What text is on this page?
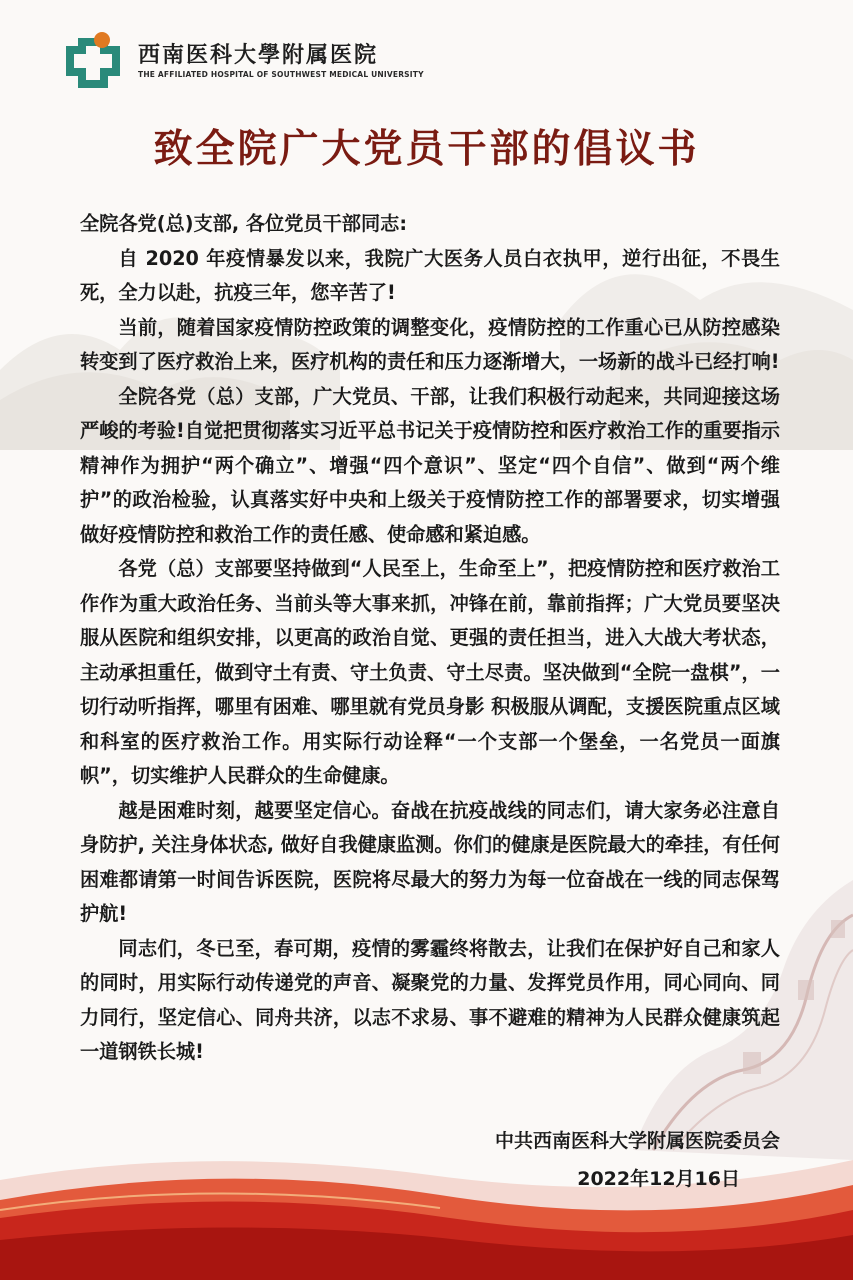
西南医科大學附属医院
THE AFFILIATED HOSPITAL OF SOUTHWEST MEDICAL UNIVERSITY
致全院广大党员干部的倡议书

全院各党(总)支部, 各位党员干部同志:

自 2020 年疫情暴发以来，我院广大医务人员白衣执甲，逆行出征，不畏生死，全力以赴，抗疫三年，您辛苦了!

当前，随着国家疫情防控政策的调整变化，疫情防控的工作重心已从防控感染转变到了医疗救治上来，医疗机构的责任和压力逐渐增大，一场新的战斗已经打响!

全院各党（总）支部，广大党员、干部，让我们积极行动起来，共同迎接这场严峻的考验!自觉把贯彻落实习近平总书记关于疫情防控和医疗救治工作的重要指示精神作为拥护“两个确立”、增强“四个意识”、坚定“四个自信”、做到“两个维护”的政治检验，认真落实好中央和上级关于疫情防控工作的部署要求，切实增强做好疫情防控和救治工作的责任感、使命感和紧迫感。

各党（总）支部要坚持做到“人民至上，生命至上”，把疫情防控和医疗救治工作作为重大政治任务、当前头等大事来抓，冲锋在前，靠前指挥；广大党员要坚决服从医院和组织安排，以更高的政治自觉、更强的责任担当，进入大战大考状态，主动承担重任，做到守土有责、守土负责、守土尽责。坚决做到“全院一盘棋”，一切行动听指挥，哪里有困难、哪里就有党员身影 积极服从调配，支援医院重点区域和科室的医疗救治工作。用实际行动诠释“一个支部一个堡垒，一名党员一面旗帜”，切实维护人民群众的生命健康。

越是困难时刻，越要坚定信心。奋战在抗疫战线的同志们，请大家务必注意自身防护, 关注身体状态, 做好自我健康监测。你们的健康是医院最大的牵挂，有任何困难都请第一时间告诉医院，医院将尽最大的努力为每一位奋战在一线的同志保驾护航!

同志们，冬已至，春可期，疫情的雾霾终将散去，让我们在保护好自己和家人的同时，用实际行动传递党的声音、凝聚党的力量、发挥党员作用，同心同向、同力同行，坚定信心、同舟共济，以志不求易、事不避难的精神为人民群众健康筑起一道钢铁长城!

中共西南医科大学附属医院委员会
2022年12月16日
